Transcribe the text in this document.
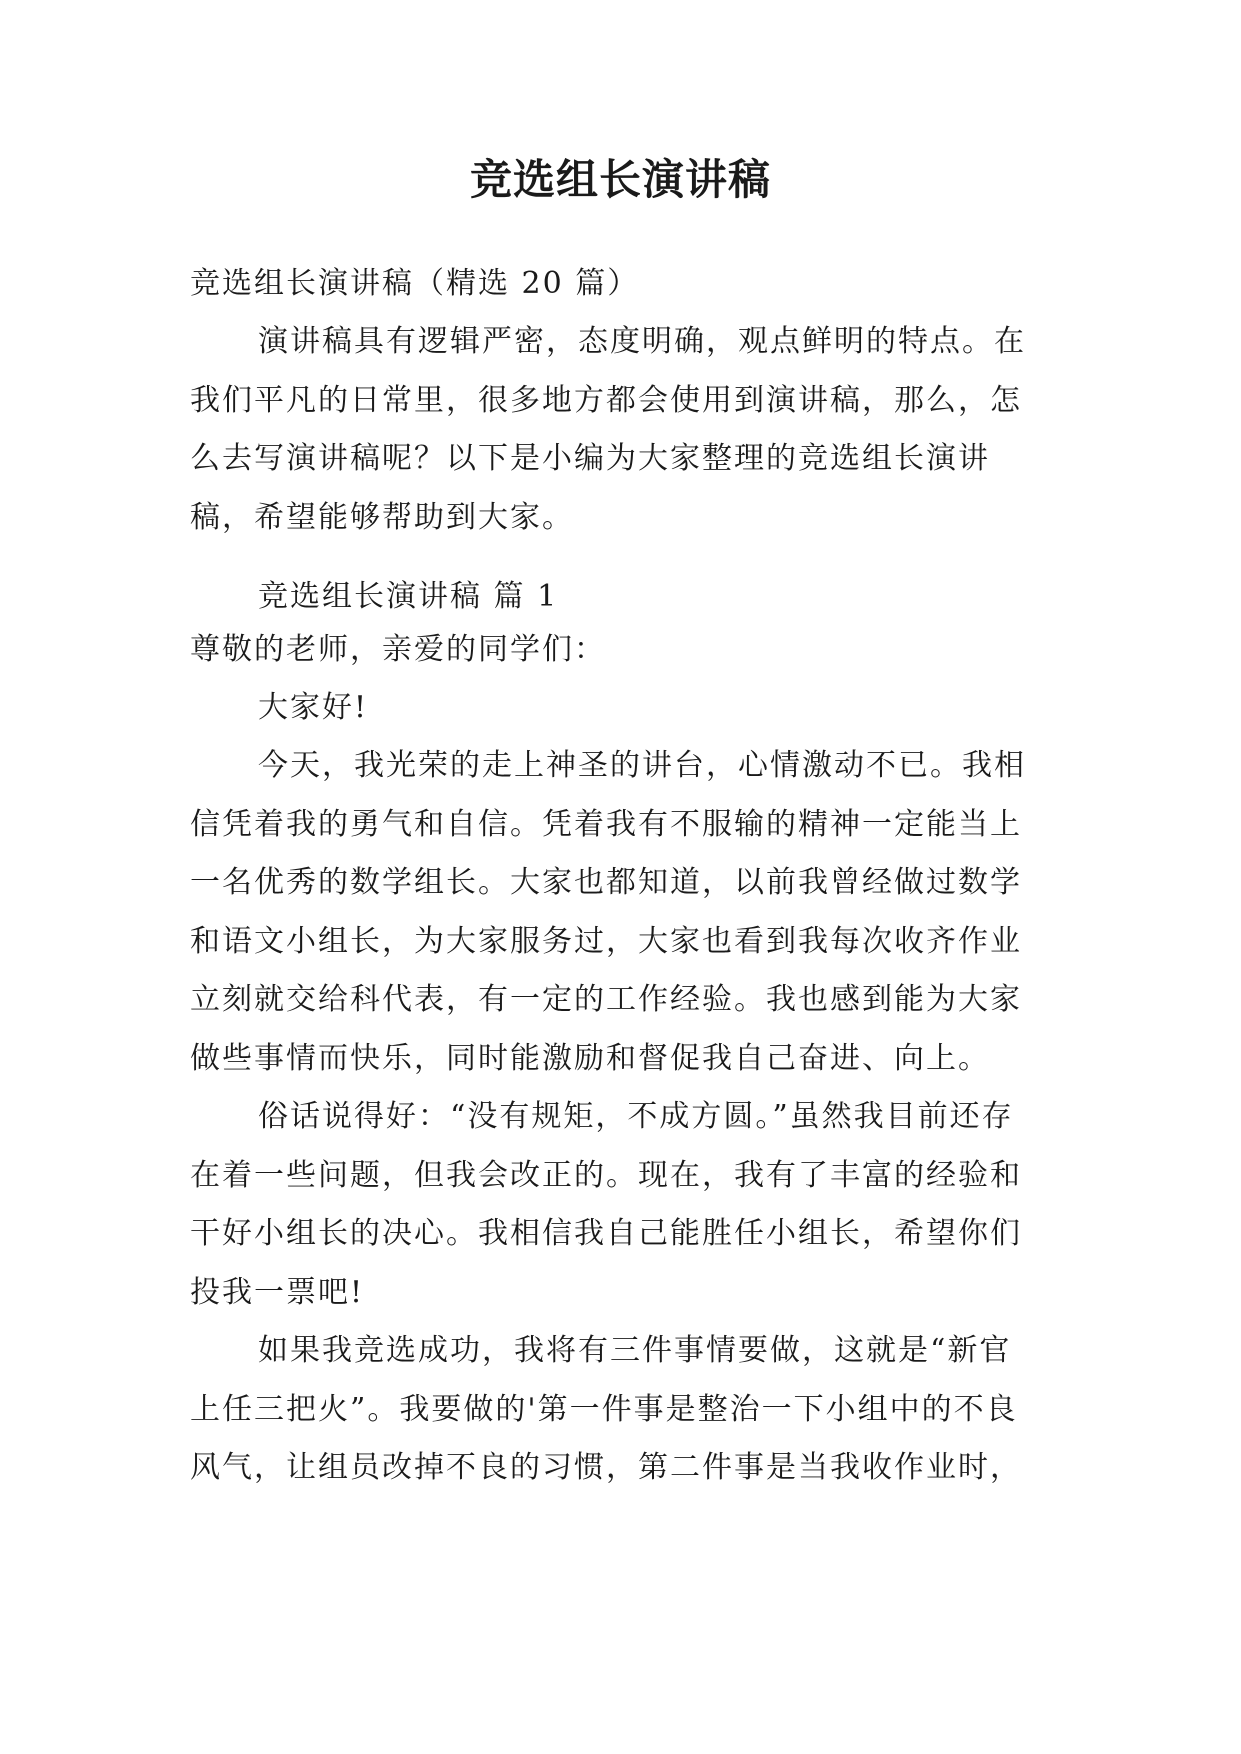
竞选组长演讲稿
竞选组长演讲稿（精选 20 篇）
演讲稿具有逻辑严密，态度明确，观点鲜明的特点。在
我们平凡的日常里，很多地方都会使用到演讲稿，那么，怎
么去写演讲稿呢？以下是小编为大家整理的竞选组长演讲
稿，希望能够帮助到大家。
竞选组长演讲稿 篇 1
尊敬的老师，亲爱的同学们：
大家好!
今天，我光荣的走上神圣的讲台，心情激动不已。我相
信凭着我的勇气和自信。凭着我有不服输的精神一定能当上
一名优秀的数学组长。大家也都知道，以前我曾经做过数学
和语文小组长，为大家服务过，大家也看到我每次收齐作业
立刻就交给科代表，有一定的工作经验。我也感到能为大家
做些事情而快乐，同时能激励和督促我自己奋进、向上。
俗话说得好：“没有规矩，不成方圆。”虽然我目前还存
在着一些问题，但我会改正的。现在，我有了丰富的经验和
干好小组长的决心。我相信我自己能胜任小组长，希望你们
投我一票吧!
如果我竞选成功，我将有三件事情要做，这就是“新官
上任三把火”。我要做的'第一件事是整治一下小组中的不良
风气，让组员改掉不良的习惯，第二件事是当我收作业时，
